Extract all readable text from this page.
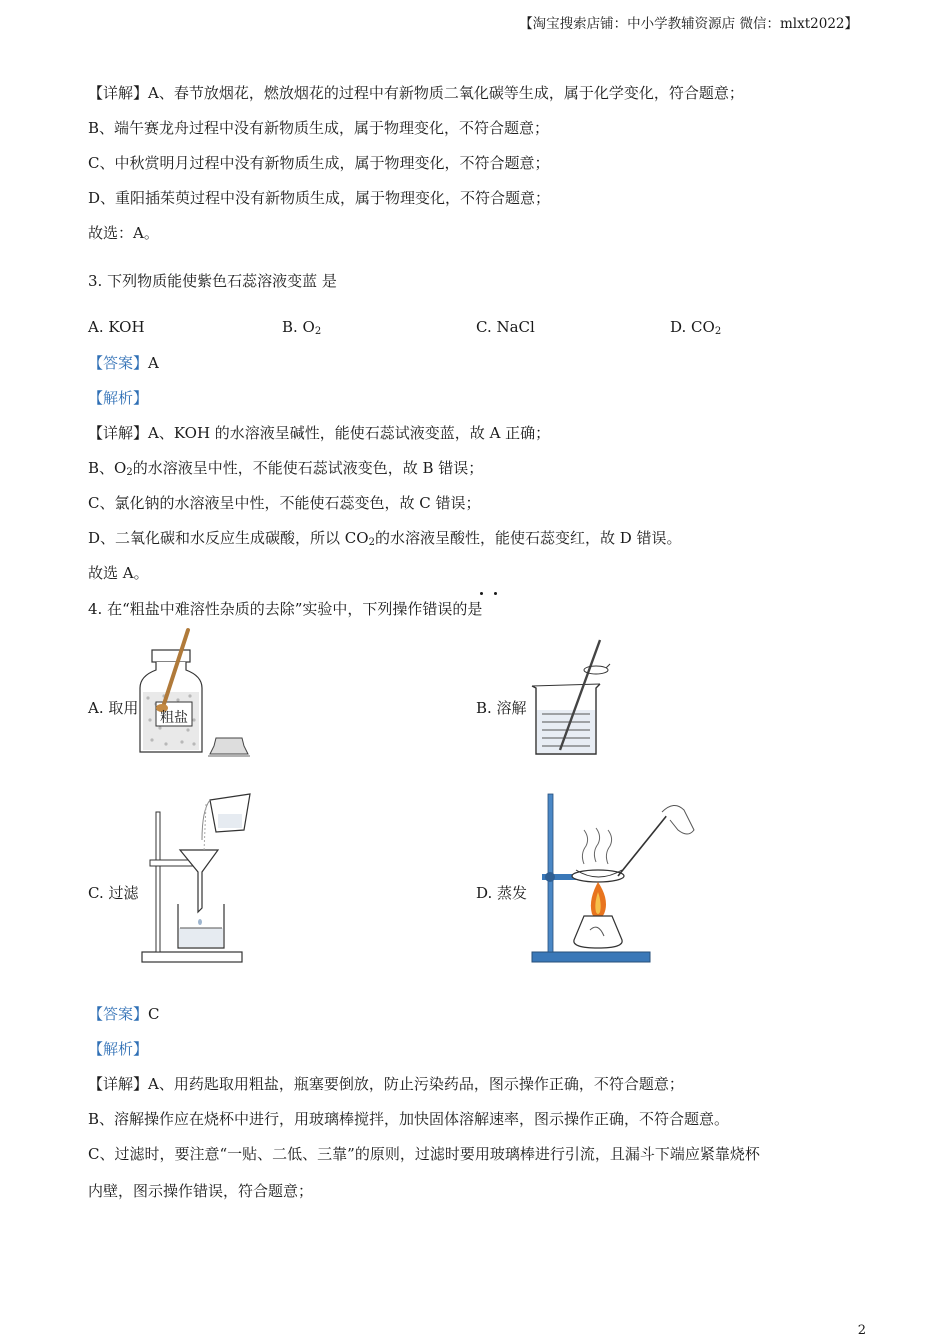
【淘宝搜索店铺：中小学教辅资源店 微信：mlxt2022】
【详解】A、春节放烟花，燃放烟花的过程中有新物质二氧化碳等生成，属于化学变化，符合题意；
B、端午赛龙舟过程中没有新物质生成，属于物理变化，不符合题意；
C、中秋赏明月过程中没有新物质生成，属于物理变化，不符合题意；
D、重阳插茱萸过程中没有新物质生成，属于物理变化，不符合题意；
故选：A。
3. 下列物质能使紫色石蕊溶液变蓝 是
A. KOH	B. $O_2$	C. NaCl	D. $CO_2$
【答案】A
【解析】
【详解】A、KOH 的水溶液呈碱性，能使石蕊试液变蓝，故 A 正确；
B、$O_2$的水溶液呈中性，不能使石蕊试液变色，故 B 错误；
C、氯化钠的水溶液呈中性，不能使石蕊变色，故 C 错误；
D、二氧化碳和水反应生成碳酸，所以 $CO_2$的水溶液呈酸性，能使石蕊变红，故 D 错误。
故选 A。
4. 在“粗盐中难溶性杂质的去除”实验中，下列操作错误的是
A. 取用
粗盐
B. 溶解
C. 过滤	D. 蒸发
【答案】C
【解析】
【详解】A、用药匙取用粗盐，瓶塞要倒放，防止污染药品，图示操作正确，不符合题意；
B、溶解操作应在烧杯中进行，用玻璃棒搅拌，加快固体溶解速率，图示操作正确，不符合题意。
C、过滤时，要注意“一贴、二低、三靠”的原则，过滤时要用玻璃棒进行引流，且漏斗下端应紧靠烧杯
内壁，图示操作错误，符合题意；
2
